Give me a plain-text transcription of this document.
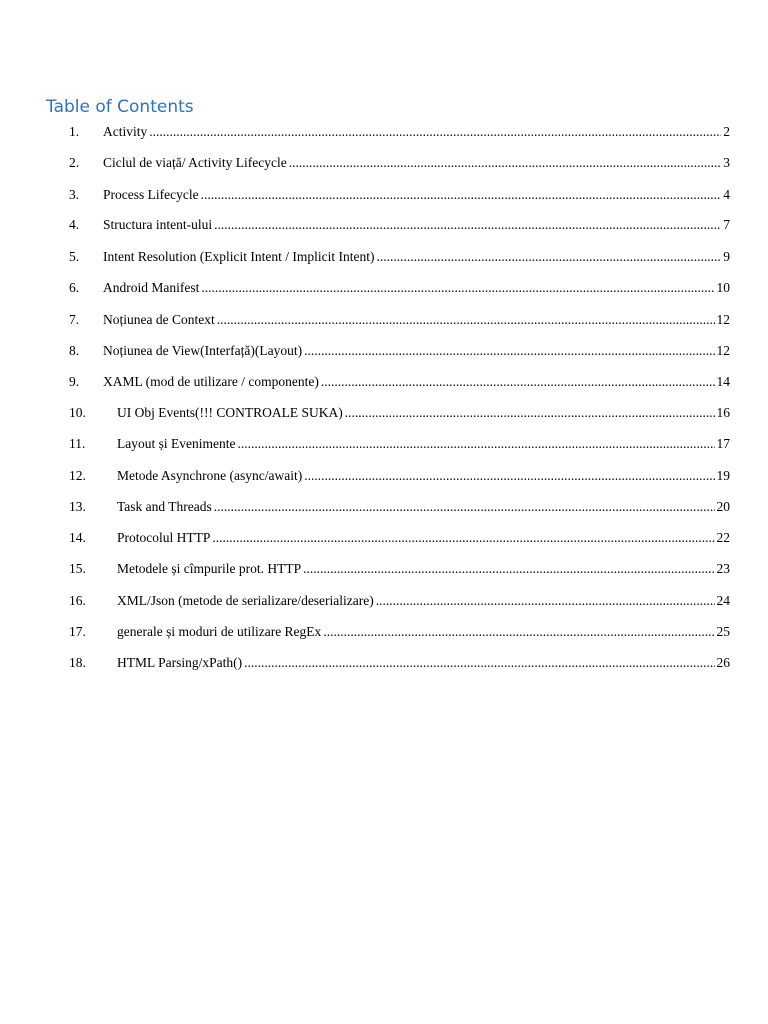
Table of Contents
1. Activity .....	2
2. Ciclul de viață/ Activity Lifecycle .....	3
3. Process Lifecycle .....	4
4. Structura intent-ului .....	7
5. Intent Resolution (Explicit Intent / Implicit Intent) .....	9
6. Android Manifest .....	10
7. Noțiunea de Context .....	12
8. Noțiunea de View(Interfață)(Layout) .....	12
9. XAML (mod de utilizare / componente) .....	14
10. UI Obj Events(!!! CONTROALE SUKA) .....	16
11. Layout și Evenimente .....	17
12. Metode Asynchrone (async/await) .....	19
13. Task and Threads .....	20
14. Protocolul HTTP .....	22
15. Metodele și cîmpurile prot. HTTP .....	23
16. XML/Json (metode de serializare/deserializare) .....	24
17. generale și moduri de utilizare RegEx .....	25
18. HTML Parsing/xPath() .....	26
